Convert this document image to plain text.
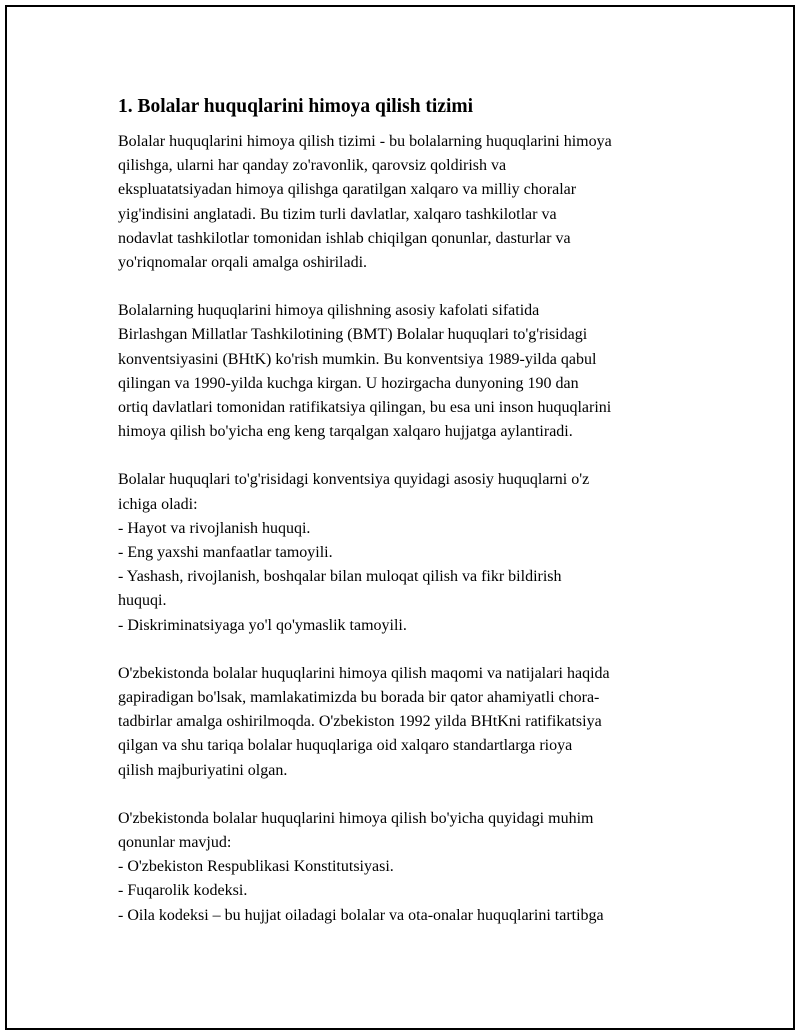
1. Bolalar huquqlarini himoya qilish tizimi
Bolalar huquqlarini himoya qilish tizimi - bu bolalarning huquqlarini himoya
qilishga, ularni har qanday zo'ravonlik, qarovsiz qoldirish va
ekspluatatsiyadan himoya qilishga qaratilgan xalqaro va milliy choralar
yig'indisini anglatadi. Bu tizim turli davlatlar, xalqaro tashkilotlar va
nodavlat tashkilotlar tomonidan ishlab chiqilgan qonunlar, dasturlar va
yo'riqnomalar orqali amalga oshiriladi.
Bolalarning huquqlarini himoya qilishning asosiy kafolati sifatida
Birlashgan Millatlar Tashkilotining (BMT) Bolalar huquqlari to'g'risidagi
konventsiyasini (BHtK) ko'rish mumkin. Bu konventsiya 1989-yilda qabul
qilingan va 1990-yilda kuchga kirgan. U hozirgacha dunyoning 190 dan
ortiq davlatlari tomonidan ratifikatsiya qilingan, bu esa uni inson huquqlarini
himoya qilish bo'yicha eng keng tarqalgan xalqaro hujjatga aylantiradi.
Bolalar huquqlari to'g'risidagi konventsiya quyidagi asosiy huquqlarni o'z
ichiga oladi:
- Hayot va rivojlanish huquqi.
- Eng yaxshi manfaatlar tamoyili.
- Yashash, rivojlanish, boshqalar bilan muloqat qilish va fikr bildirish
huquqi.
- Diskriminatsiyaga yo'l qo'ymaslik tamoyili.
O'zbekistonda bolalar huquqlarini himoya qilish maqomi va natijalari haqida
gapiradigan bo'lsak, mamlakatimizda bu borada bir qator ahamiyatli chora-
tadbirlar amalga oshirilmoqda. O'zbekiston 1992 yilda BHtKni ratifikatsiya
qilgan va shu tariqa bolalar huquqlariga oid xalqaro standartlarga rioya
qilish majburiyatini olgan.
O'zbekistonda bolalar huquqlarini himoya qilish bo'yicha quyidagi muhim
qonunlar mavjud:
- O'zbekiston Respublikasi Konstitutsiyasi.
- Fuqarolik kodeksi.
- Oila kodeksi – bu hujjat oiladagi bolalar va ota-onalar huquqlarini tartibga
